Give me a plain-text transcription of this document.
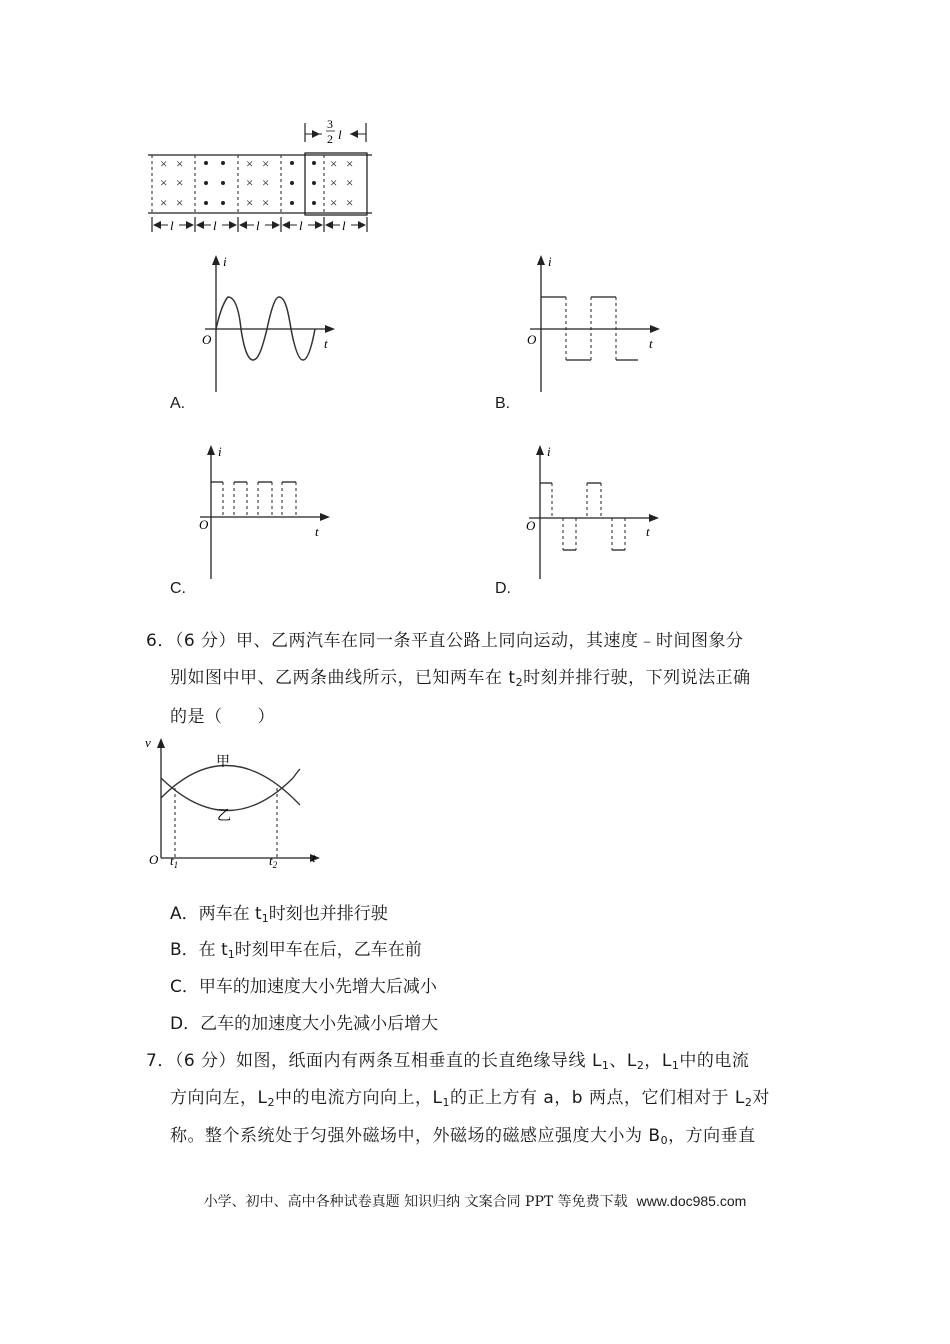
3
2 l
× ×
× ×
× ×
× ×
× ×
× ×
× ×
× ×
× ×
l	l	l	l	l
i
t
O
A.
i
t
O
B.
i
t
O
C.
i
t
O
D.
6．（6 分）甲、乙两汽车在同一条平直公路上同向运动，其速度﹣时间图象分
别如图中甲、乙两条曲线所示，已知两车在 $t_2$时刻并排行驶，下列说法正确
的是（　　）
v
t
O $t_1$	$t_2$
甲
乙
A．两车在 $t_1$时刻也并排行驶
B．在 $t_1$时刻甲车在后，乙车在前
C．甲车的加速度大小先增大后减小
D．乙车的加速度大小先减小后增大
7．（6 分）如图，纸面内有两条互相垂直的长直绝缘导线 $L_1$、$L_2$，$L_1$中的电流
方向向左，$L_2$中的电流方向向上，$L_1$的正上方有 a，b 两点，它们相对于 $L_2$对
称。整个系统处于匀强外磁场中，外磁场的磁感应强度大小为 $B_0$，方向垂直
小学、初中、高中各种试卷真题 知识归纳 文案合同 PPT 等免费下载 www.doc985.com
